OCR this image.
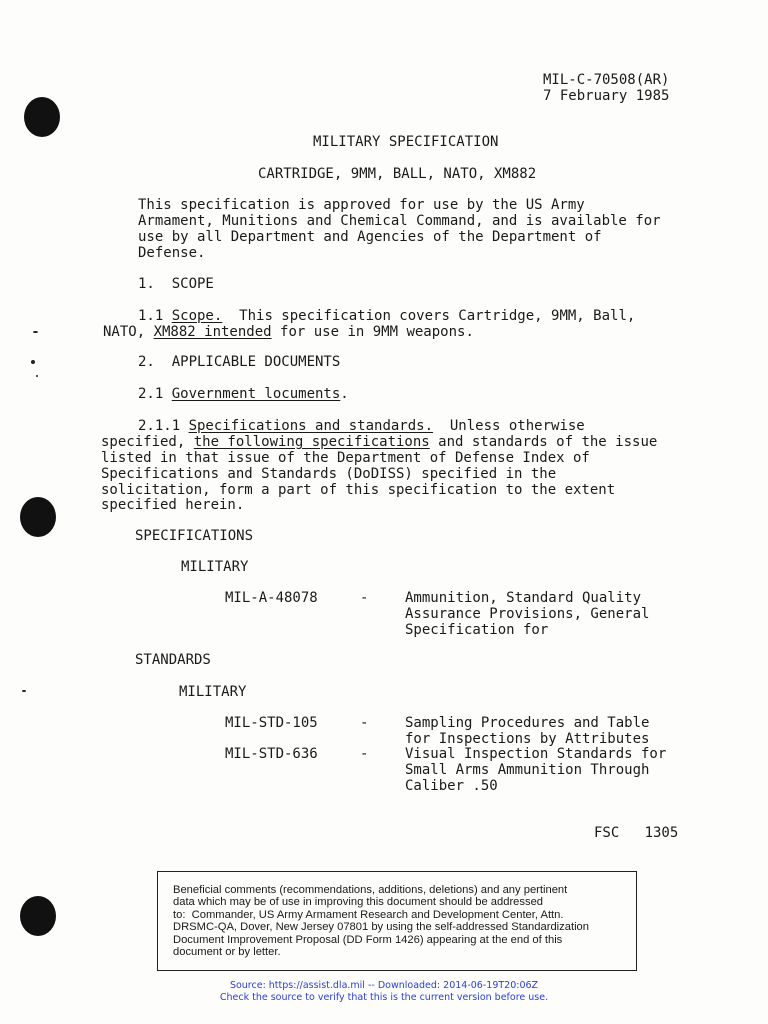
MIL-C-70508(AR)
7 February 1985
MILITARY SPECIFICATION
CARTRIDGE, 9MM, BALL, NATO, XM882
This specification is approved for use by the US Army
Armament, Munitions and Chemical Command, and is available for
use by all Department and Agencies of the Department of
Defense.
1.  SCOPE
1.1 Scope.  This specification covers Cartridge, 9MM, Ball,
NATO, XM882 intended for use in 9MM weapons.
2.  APPLICABLE DOCUMENTS
2.1 Government locuments.
2.1.1 Specifications and standards.  Unless otherwise
specified, the following specifications and standards of the issue
listed in that issue of the Department of Defense Index of
Specifications and Standards (DoDISS) specified in the
solicitation, form a part of this specification to the extent
specified herein.
SPECIFICATIONS
MILITARY
MIL-A-48078	-	Ammunition, Standard Quality
Assurance Provisions, General
Specification for
STANDARDS
MILITARY
MIL-STD-105	-	Sampling Procedures and Table
for Inspections by Attributes
MIL-STD-636	-	Visual Inspection Standards for
Small Arms Ammunition Through
Caliber .50
FSC   1305
Beneficial comments (recommendations, additions, deletions) and any pertinent
data which may be of use in improving this document should be addressed
to:  Commander, US Army Armament Research and Development Center, Attn.
DRSMC-QA, Dover, New Jersey 07801 by using the self-addressed Standardization
Document Improvement Proposal (DD Form 1426) appearing at the end of this
document or by letter.
Source: https://assist.dla.mil -- Downloaded: 2014-06-19T20:06Z
Check the source to verify that this is the current version before use.
